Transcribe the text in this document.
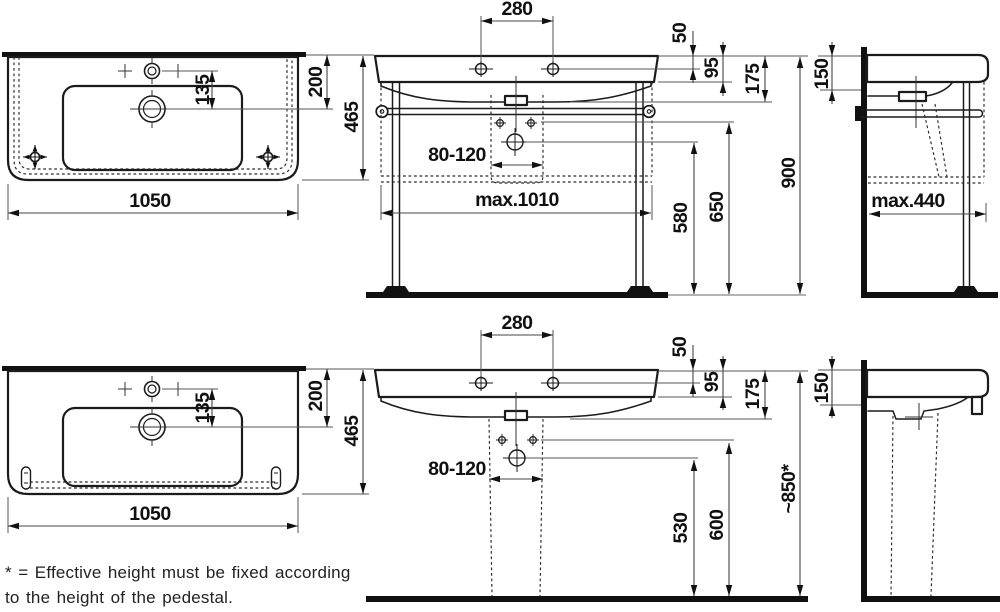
135	200
465
1050
280
50
95 175
80-120
max.1010
580 650
900
150
max.440
135	200
465
1050
280
50
95 175
80-120
530 600
~850*
150
* = Effective height must be fixed according
to the height of the pedestal.
